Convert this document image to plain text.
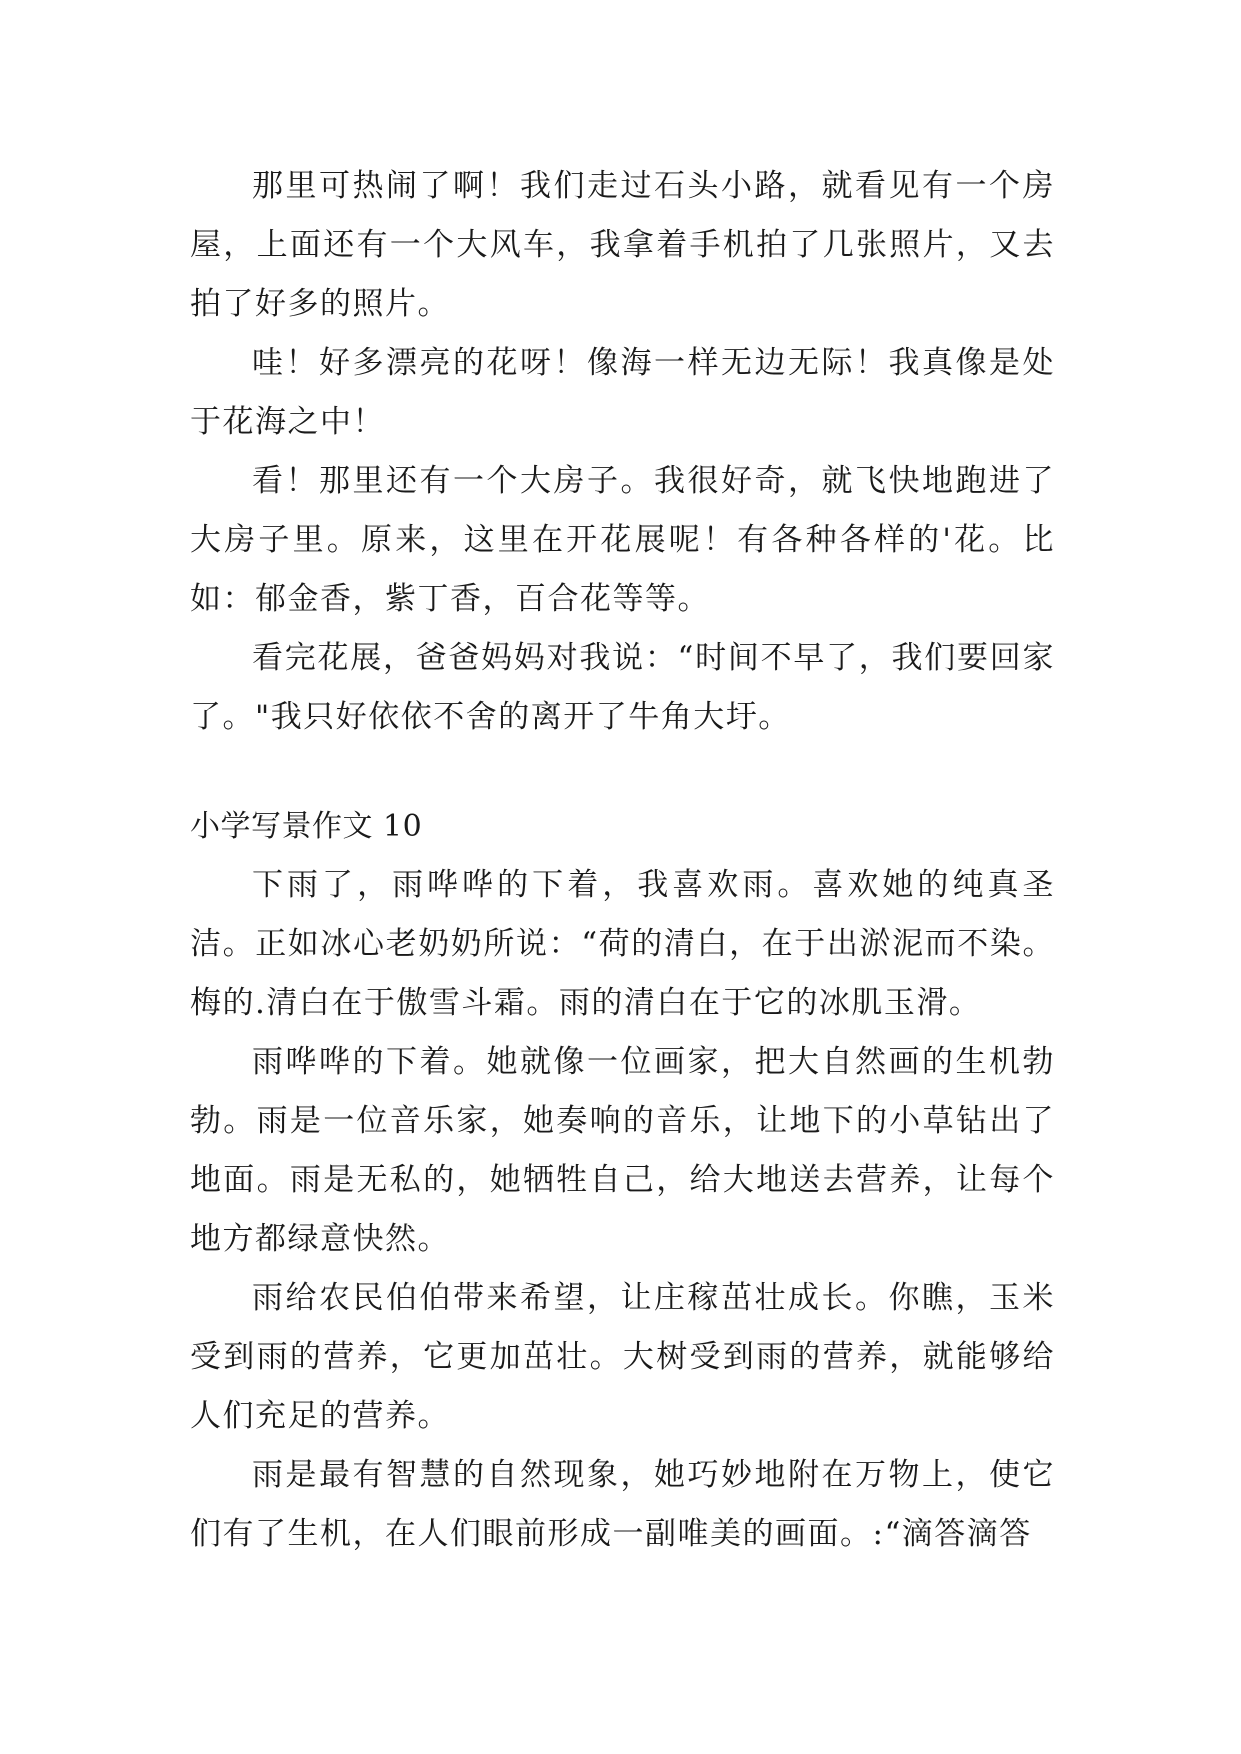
那里可热闹了啊！我们走过石头小路，就看见有一个房屋，上面还有一个大风车，我拿着手机拍了几张照片，又去拍了好多的照片。

哇！好多漂亮的花呀！像海一样无边无际！我真像是处于花海之中！

看！那里还有一个大房子。我很好奇，就飞快地跑进了大房子里。原来，这里在开花展呢！有各种各样的'花。比如：郁金香，紫丁香，百合花等等。

看完花展，爸爸妈妈对我说：“时间不早了，我们要回家了。"我只好依依不舍的离开了牛角大圩。

小学写景作文 10

下雨了，雨哗哗的下着，我喜欢雨。喜欢她的纯真圣洁。正如冰心老奶奶所说：“荷的清白，在于出淤泥而不染。梅的.清白在于傲雪斗霜。雨的清白在于它的冰肌玉滑。

雨哗哗的下着。她就像一位画家，把大自然画的生机勃勃。雨是一位音乐家，她奏响的音乐，让地下的小草钻出了地面。雨是无私的，她牺牲自己，给大地送去营养，让每个地方都绿意快然。

雨给农民伯伯带来希望，让庄稼茁壮成长。你瞧，玉米受到雨的营养，它更加茁壮。大树受到雨的营养，就能够给人们充足的营养。

雨是最有智慧的自然现象，她巧妙地附在万物上，使它们有了生机，在人们眼前形成一副唯美的画面。:“滴答滴答
